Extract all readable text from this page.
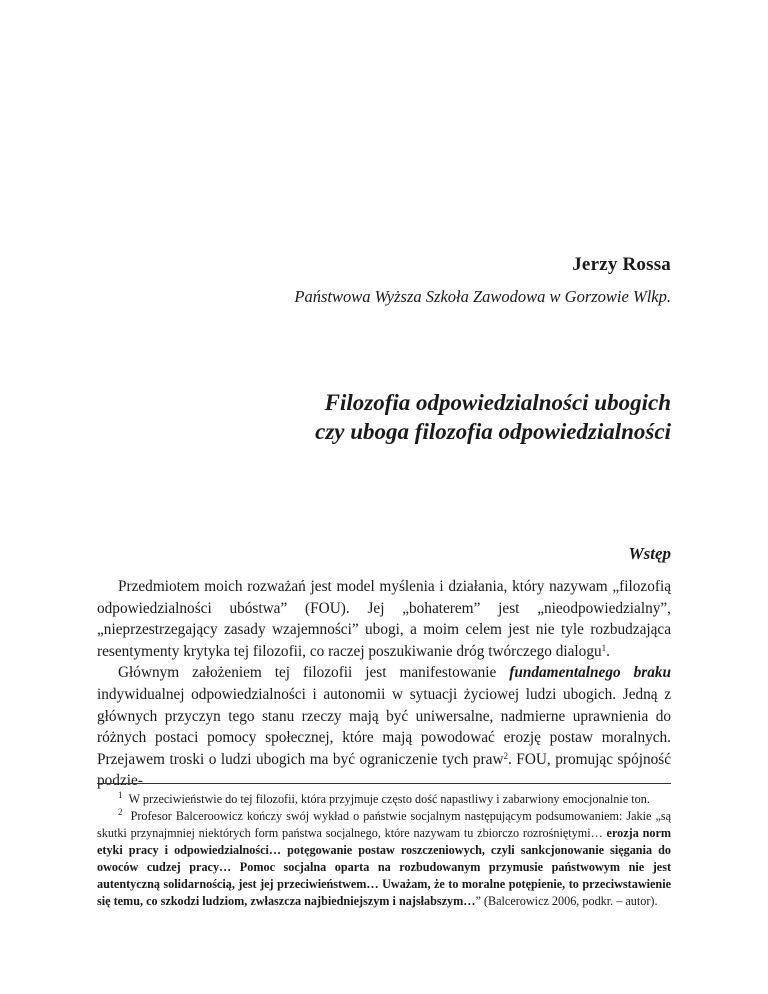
Jerzy Rossa
Państwowa Wyższa Szkoła Zawodowa w Gorzowie Wlkp.
Filozofia odpowiedzialności ubogich
czy uboga filozofia odpowiedzialności
Wstęp

Przedmiotem moich rozważań jest model myślenia i działania, który nazywam „filozofią odpowiedzialności ubóstwa” (FOU). Jej „bohaterem” jest „nieodpowiedzialny”, „nieprzestrzegający zasady wzajemności” ubogi, a moim celem jest nie tyle rozbudzająca resentymenty krytyka tej filozofii, co raczej poszukiwanie dróg twórczego dialogu$^1$.

Głównym założeniem tej filozofii jest manifestowanie fundamentalnego braku indywidualnej odpowiedzialności i autonomii w sytuacji życiowej ludzi ubogich. Jedną z głównych przyczyn tego stanu rzeczy mają być uniwersalne, nadmierne uprawnienia do różnych postaci pomocy społecznej, które mają powodować erozję postaw moralnych. Przejawem troski o ludzi ubogich ma być ograniczenie tych praw$^2$. FOU, promując spójność podzie-

$^1$ W przeciwieństwie do tej filozofii, która przyjmuje często dość napastliwy i zabarwiony emocjonalnie ton.

$^2$ Profesor Balceroowicz kończy swój wykład o państwie socjalnym następującym podsumowaniem: Jakie „są skutki przynajmniej niektórych form państwa socjalnego, które nazywam tu zbiorczo rozrośniętymi… erozja norm etyki pracy i odpowiedzialności… potęgowanie postaw roszczeniowych, czyli sankcjonowanie sięgania do owoców cudzej pracy… Pomoc socjalna oparta na rozbudowanym przymusie państwowym nie jest autentyczną solidarnością, jest jej przeciwieństwem… Uważam, że to moralne potępienie, to przeciwstawienie się temu, co szkodzi ludziom, zwłaszcza najbiedniejszym i najsłabszym…” (Balcerowicz 2006, podkr. – autor).
